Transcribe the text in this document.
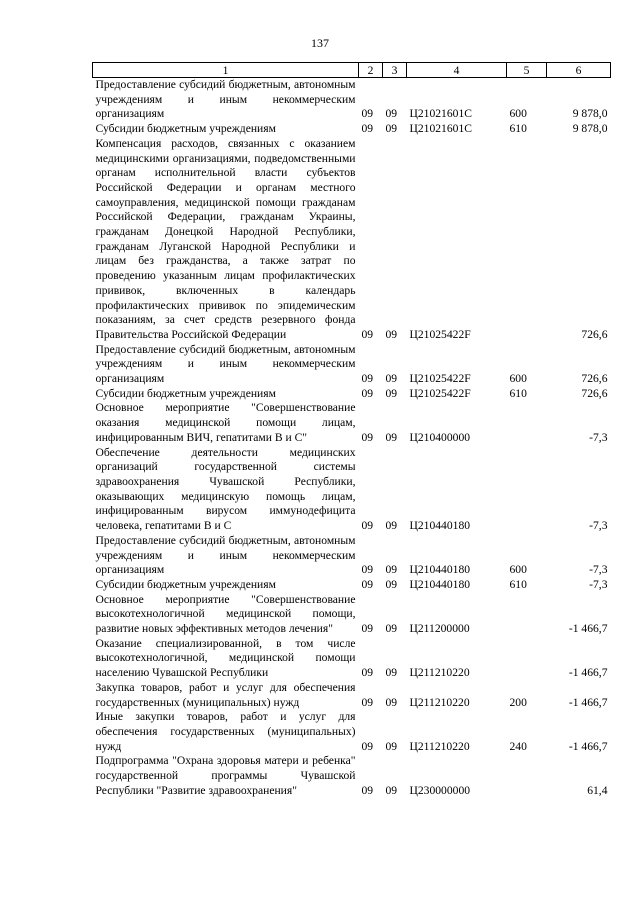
137
1	2	3	4	5	6
Предоставление субсидий бюджетным, автономным учреждениям и иным некоммерческим организациям	09	09	Ц21021601С	600	9 878,0
Субсидии бюджетным учреждениям	09	09	Ц21021601С	610	9 878,0
Компенсация расходов, связанных с оказанием медицинскими организациями, подведомственными органам исполнительной власти субъектов Российской Федерации и органам местного самоуправления, медицинской помощи гражданам Российской Федерации, гражданам Украины, гражданам Донецкой Народной Республики, гражданам Луганской Народной Республики и лицам без гражданства, а также затрат по проведению указанным лицам профилактических прививок, включенных в календарь профилактических прививок по эпидемическим показаниям, за счет средств резервного фонда Правительства Российской Федерации	09	09	Ц21025422F		726,6
Предоставление субсидий бюджетным, автономным учреждениям и иным некоммерческим организациям	09	09	Ц21025422F	600	726,6
Субсидии бюджетным учреждениям	09	09	Ц21025422F	610	726,6
Основное мероприятие "Совершенствование оказания медицинской помощи лицам, инфицированным ВИЧ, гепатитами В и С"	09	09	Ц210400000		-7,3
Обеспечение деятельности медицинских организаций государственной системы здравоохранения Чувашской Республики, оказывающих медицинскую помощь лицам, инфицированным вирусом иммунодефицита человека, гепатитами В и С	09	09	Ц210440180		-7,3
Предоставление субсидий бюджетным, автономным учреждениям и иным некоммерческим организациям	09	09	Ц210440180	600	-7,3
Субсидии бюджетным учреждениям	09	09	Ц210440180	610	-7,3
Основное мероприятие "Совершенствование высокотехнологичной медицинской помощи, развитие новых эффективных методов лечения"	09	09	Ц211200000		-1 466,7
Оказание специализированной, в том числе высокотехнологичной, медицинской помощи населению Чувашской Республики	09	09	Ц211210220		-1 466,7
Закупка товаров, работ и услуг для обеспечения государственных (муниципальных) нужд	09	09	Ц211210220	200	-1 466,7
Иные закупки товаров, работ и услуг для обеспечения государственных (муниципальных) нужд	09	09	Ц211210220	240	-1 466,7
Подпрограмма "Охрана здоровья матери и ребенка" государственной программы Чувашской Республики "Развитие здравоохранения"	09	09	Ц230000000		61,4
